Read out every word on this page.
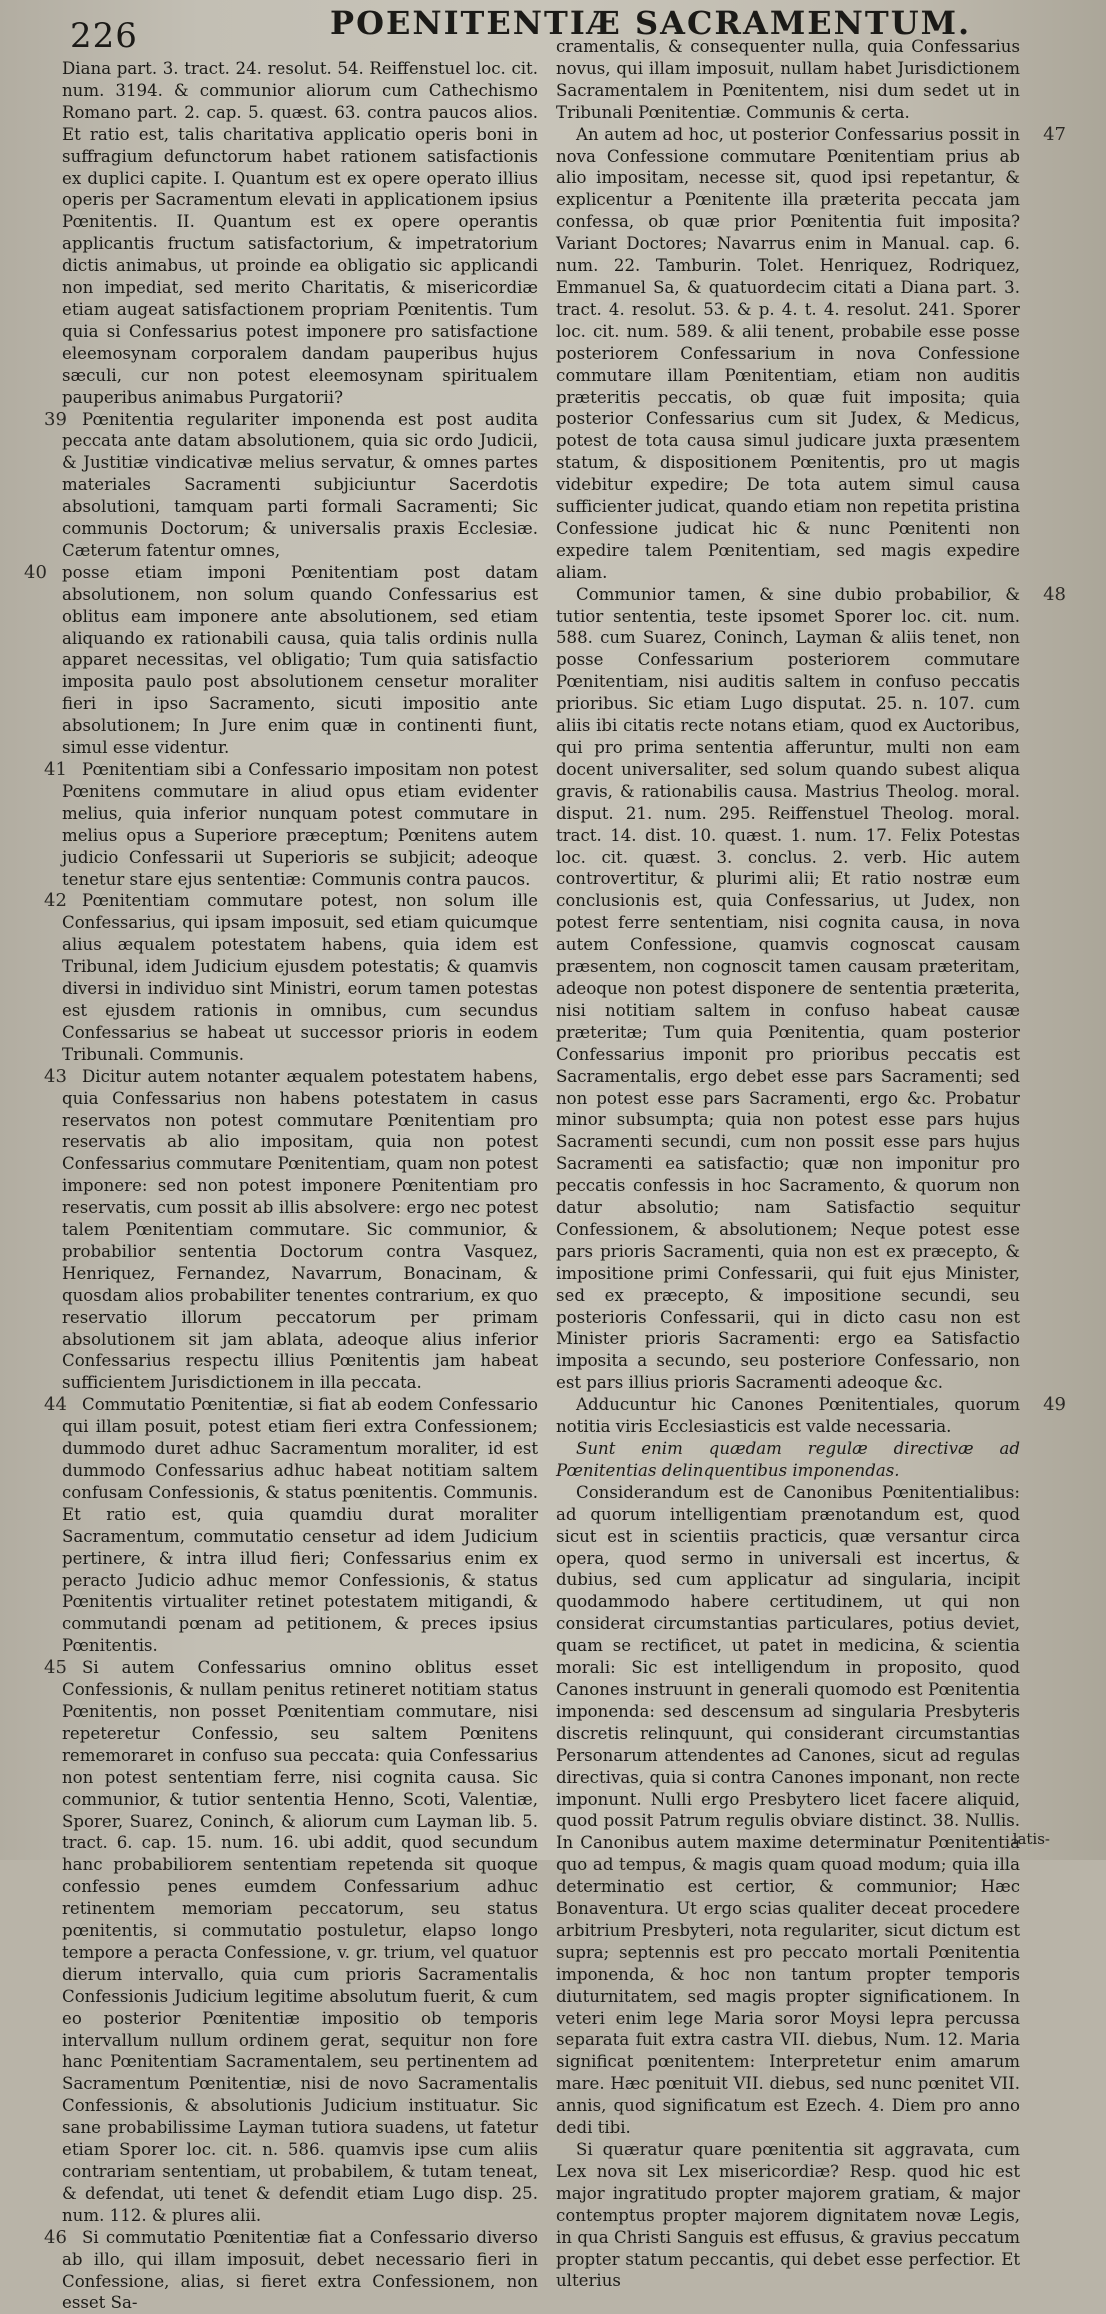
226	POENITENTIÆ SACRAMENTUM.

Diana part. 3. tract. 24. resolut. 54. Reiffenstuel loc. cit. num. 3194. & communior aliorum cum Cathechismo Romano part. 2. cap. 5. quæst. 63. contra paucos alios. Et ratio est, talis charitativa applicatio operis boni in suffragium defunctorum habet rationem satisfactionis ex duplici capite. I. Quantum est ex opere operato illius operis per Sacramentum elevati in applicationem ipsius Pœnitentis. II. Quantum est ex opere operantis applicantis fructum satisfactorium, & impetratorium dictis animabus, ut proinde ea obligatio sic applicandi non impediat, sed merito Charitatis, & misericordiæ etiam augeat satisfactionem propriam Pœnitentis. Tum quia si Confessarius potest imponere pro satisfactione eleemosynam corporalem dandam pauperibus hujus sæculi, cur non potest eleemosynam spiritualem pauperibus animabus Purgatorii?

39 Pœnitentia regulariter imponenda est post audita peccata ante datam absolutionem, quia sic ordo Judicii, & Justitiæ vindicativæ melius servatur, & omnes partes materiales Sacramenti subjiciuntur Sacerdotis absolutioni, tamquam parti formali Sacramenti; Sic communis Doctorum; & universalis praxis Ecclesiæ. Cæterum fatentur omnes,

40 posse etiam imponi Pœnitentiam post datam absolutionem, non solum quando Confessarius est oblitus eam imponere ante absolutionem, sed etiam aliquando ex rationabili causa, quia talis ordinis nulla apparet necessitas, vel obligatio; Tum quia satisfactio imposita paulo post absolutionem censetur moraliter fieri in ipso Sacramento, sicuti impositio ante absolutionem; In Jure enim quæ in continenti fiunt, simul esse videntur.

41 Pœnitentiam sibi a Confessario impositam non potest Pœnitens commutare in aliud opus etiam evidenter melius, quia inferior nunquam potest commutare in melius opus a Superiore præceptum; Pœnitens autem judicio Confessarii ut Superioris se subjicit; adeoque tenetur stare ejus sententiæ: Communis contra paucos.

42 Pœnitentiam commutare potest, non solum ille Confessarius, qui ipsam imposuit, sed etiam quicumque alius æqualem potestatem habens, quia idem est Tribunal, idem Judicium ejusdem potestatis; & quamvis diversi in individuo sint Ministri, eorum tamen potestas est ejusdem rationis in omnibus, cum secundus Confessarius se habeat ut successor prioris in eodem Tribunali. Communis.

43 Dicitur autem notanter æqualem potestatem habens, quia Confessarius non habens potestatem in casus reservatos non potest commutare Pœnitentiam pro reservatis ab alio impositam, quia non potest Confessarius commutare Pœnitentiam, quam non potest imponere: sed non potest imponere Pœnitentiam pro reservatis, cum possit ab illis absolvere: ergo nec potest talem Pœnitentiam commutare. Sic communior, & probabilior sententia Doctorum contra Vasquez, Henriquez, Fernandez, Navarrum, Bonacinam, & quosdam alios probabiliter tenentes contrarium, ex quo reservatio illorum peccatorum per primam absolutionem sit jam ablata, adeoque alius inferior Confessarius respectu illius Pœnitentis jam habeat sufficientem Jurisdictionem in illa peccata.

44 Commutatio Pœnitentiæ, si fiat ab eodem Confessario qui illam posuit, potest etiam fieri extra Confessionem; dummodo duret adhuc Sacramentum moraliter, id est dummodo Confessarius adhuc habeat notitiam saltem confusam Confessionis, & status pœnitentis. Communis. Et ratio est, quia quamdiu durat moraliter Sacramentum, commutatio censetur ad idem Judicium pertinere, & intra illud fieri; Confessarius enim ex peracto Judicio adhuc memor Confessionis, & status Pœnitentis virtualiter retinet potestatem mitigandi, & commutandi pœnam ad petitionem, & preces ipsius Pœnitentis.

45 Si autem Confessarius omnino oblitus esset Confessionis, & nullam penitus retineret notitiam status Pœnitentis, non posset Pœnitentiam commutare, nisi repeteretur Confessio, seu saltem Pœnitens rememoraret in confuso sua peccata: quia Confessarius non potest sententiam ferre, nisi cognita causa. Sic communior, & tutior sententia Henno, Scoti, Valentiæ, Sporer, Suarez, Coninch, & aliorum cum Layman lib. 5. tract. 6. cap. 15. num. 16. ubi addit, quod secundum hanc probabiliorem sententiam repetenda sit quoque confessio penes eumdem Confessarium adhuc retinentem memoriam peccatorum, seu status pœnitentis, si commutatio postuletur, elapso longo tempore a peracta Confessione, v. gr. trium, vel quatuor dierum intervallo, quia cum prioris Sacramentalis Confessionis Judicium legitime absolutum fuerit, & cum eo posterior Pœnitentiæ impositio ob temporis intervallum nullum ordinem gerat, sequitur non fore hanc Pœnitentiam Sacramentalem, seu pertinentem ad Sacramentum Pœnitentiæ, nisi de novo Sacramentalis Confessionis, & absolutionis Judicium instituatur. Sic sane probabilissime Layman tutiora suadens, ut fatetur etiam Sporer loc. cit. n. 586. quamvis ipse cum aliis contrariam sententiam, ut probabilem, & tutam teneat, & defendat, uti tenet & defendit etiam Lugo disp. 25. num. 112. & plures alii.

46 Si commutatio Pœnitentiæ fiat a Confessario diverso ab illo, qui illam imposuit, debet necessario fieri in Confessione, alias, si fieret extra Confessionem, non esset Sa-

cramentalis, & consequenter nulla, quia Confessarius novus, qui illam imposuit, nullam habet Jurisdictionem Sacramentalem in Pœnitentem, nisi dum sedet ut in Tribunali Pœnitentiæ. Communis & certa.

47
An autem ad hoc, ut posterior Confessarius possit in nova Confessione commutare Pœnitentiam prius ab alio impositam, necesse sit, quod ipsi repetantur, & explicentur a Pœnitente illa præterita peccata jam confessa, ob quæ prior Pœnitentia fuit imposita? Variant Doctores; Navarrus enim in Manual. cap. 6. num. 22. Tamburin. Tolet. Henriquez, Rodriquez, Emmanuel Sa, & quatuordecim citati a Diana part. 3. tract. 4. resolut. 53. & p. 4. t. 4. resolut. 241. Sporer loc. cit. num. 589. & alii tenent, probabile esse posse posteriorem Confessarium in nova Confessione commutare illam Pœnitentiam, etiam non auditis præteritis peccatis, ob quæ fuit imposita; quia posterior Confessarius cum sit Judex, & Medicus, potest de tota causa simul judicare juxta præsentem statum, & dispositionem Pœnitentis, pro ut magis videbitur expedire; De tota autem simul causa sufficienter judicat, quando etiam non repetita pristina Confessione judicat hic & nunc Pœnitenti non expedire talem Pœnitentiam, sed magis expedire aliam.

48
Communior tamen, & sine dubio probabilior, & tutior sententia, teste ipsomet Sporer loc. cit. num. 588. cum Suarez, Coninch, Layman & aliis tenet, non posse Confessarium posteriorem commutare Pœnitentiam, nisi auditis saltem in confuso peccatis prioribus. Sic etiam Lugo disputat. 25. n. 107. cum aliis ibi citatis recte notans etiam, quod ex Auctoribus, qui pro prima sententia afferuntur, multi non eam docent universaliter, sed solum quando subest aliqua gravis, & rationabilis causa. Mastrius Theolog. moral. disput. 21. num. 295. Reiffenstuel Theolog. moral. tract. 14. dist. 10. quæst. 1. num. 17. Felix Potestas loc. cit. quæst. 3. conclus. 2. verb. Hic autem controvertitur, & plurimi alii; Et ratio nostræ eum conclusionis est, quia Confessarius, ut Judex, non potest ferre sententiam, nisi cognita causa, in nova autem Confessione, quamvis cognoscat causam præsentem, non cognoscit tamen causam præteritam, adeoque non potest disponere de sententia præterita, nisi notitiam saltem in confuso habeat causæ præteritæ; Tum quia Pœnitentia, quam posterior Confessarius imponit pro prioribus peccatis est Sacramentalis, ergo debet esse pars Sacramenti; sed non potest esse pars Sacramenti, ergo &c. Probatur minor subsumpta; quia non potest esse pars hujus Sacramenti secundi, cum non possit esse pars hujus Sacramenti ea satisfactio; quæ non imponitur pro peccatis confessis in hoc Sacramento, & quorum non datur absolutio; nam Satisfactio sequitur Confessionem, & absolutionem; Neque potest esse pars prioris Sacramenti, quia non est ex præcepto, & impositione primi Confessarii, qui fuit ejus Minister, sed ex præcepto, & impositione secundi, seu posterioris Confessarii, qui in dicto casu non est Minister prioris Sacramenti: ergo ea Satisfactio imposita a secundo, seu posteriore Confessario, non est pars illius prioris Sacramenti adeoque &c.

49
Adducuntur hic Canones Pœnitentiales, quorum notitia viris Ecclesiasticis est valde necessaria.

Sunt enim quædam regulæ directivæ ad Pœnitentias delinquentibus imponendas.

Considerandum est de Canonibus Pœnitentialibus: ad quorum intelligentiam prænotandum est, quod sicut est in scientiis practicis, quæ versantur circa opera, quod sermo in universali est incertus, & dubius, sed cum applicatur ad singularia, incipit quodammodo habere certitudinem, ut qui non considerat circumstantias particulares, potius deviet, quam se rectificet, ut patet in medicina, & scientia morali: Sic est intelligendum in proposito, quod Canones instruunt in generali quomodo est Pœnitentia imponenda: sed descensum ad singularia Presbyteris discretis relinquunt, qui considerant circumstantias Personarum attendentes ad Canones, sicut ad regulas directivas, quia si contra Canones imponant, non recte imponunt. Nulli ergo Presbytero licet facere aliquid, quod possit Patrum regulis obviare distinct. 38. Nullis. In Canonibus autem maxime determinatur Pœnitentia quo ad tempus, & magis quam quoad modum; quia illa determinatio est certior, & communior; Hæc Bonaventura. Ut ergo scias qualiter deceat procedere arbitrium Presbyteri, nota regulariter, sicut dictum est supra; septennis est pro peccato mortali Pœnitentia imponenda, & hoc non tantum propter temporis diuturnitatem, sed magis propter significationem. In veteri enim lege Maria soror Moysi lepra percussa separata fuit extra castra VII. diebus, Num. 12. Maria significat pœnitentem: Interpretetur enim amarum mare. Hæc pœnituit VII. diebus, sed nunc pœnitet VII. annis, quod significatum est Ezech. 4. Diem pro anno dedi tibi.

Si quæratur quare pœnitentia sit aggravata, cum Lex nova sit Lex misericordiæ? Resp. quod hic est major ingratitudo propter majorem gratiam, & major contemptus propter majorem dignitatem novæ Legis, in qua Christi Sanguis est effusus, & gravius peccatum propter statum peccantis, qui debet esse perfectior. Et ulterius

latis-
